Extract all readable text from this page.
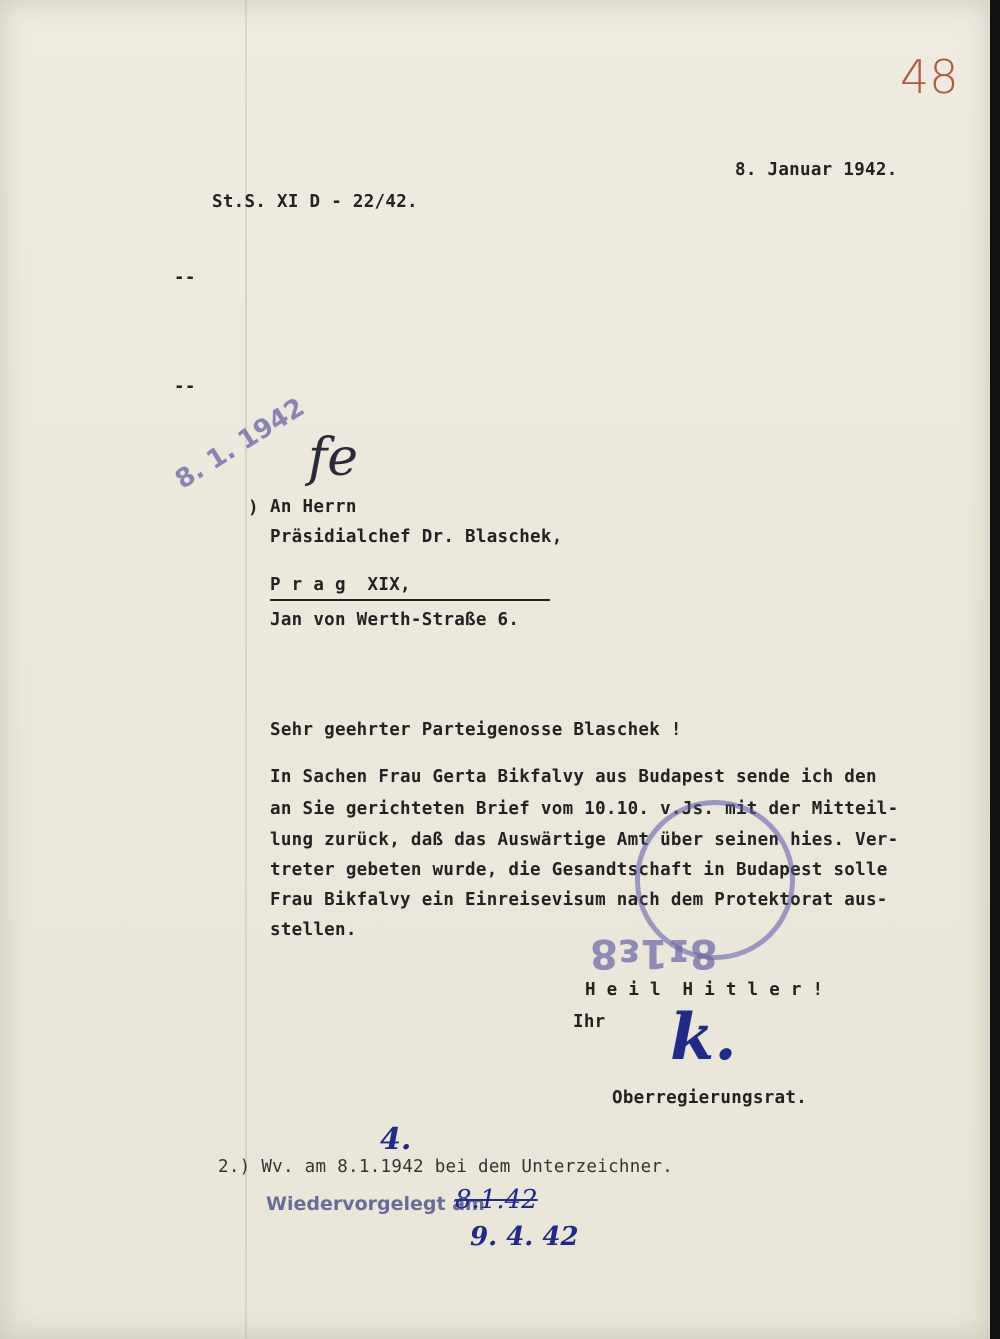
48
8. Januar 1942.
St.S. XI D - 22/42.
--
--
8. 1. 1942
fe
) An Herrn
Präsidialchef Dr. Blaschek,
P r a g  XIX,
Jan von Werth-Straße 6.
Sehr geehrter Parteigenosse Blaschek !
In Sachen Frau Gerta Bikfalvy aus Budapest sende ich den
an Sie gerichteten Brief vom 10.10. v.Js. mit der Mitteil-
lung zurück, daß das Auswärtige Amt über seinen hies. Ver-
treter gebeten wurde, die Gesandtschaft in Budapest solle
Frau Bikfalvy ein Einreisevisum nach dem Protektorat aus-
stellen.	8ɪ1ɛ8
H e i l  H i t l e r !
Ihr k.
Oberregierungsrat.
2.) Wv. am 8.1.1942 bei dem Unterzeichner.
4.
Wiedervorgelegt am
8.1.42
9. 4. 42
